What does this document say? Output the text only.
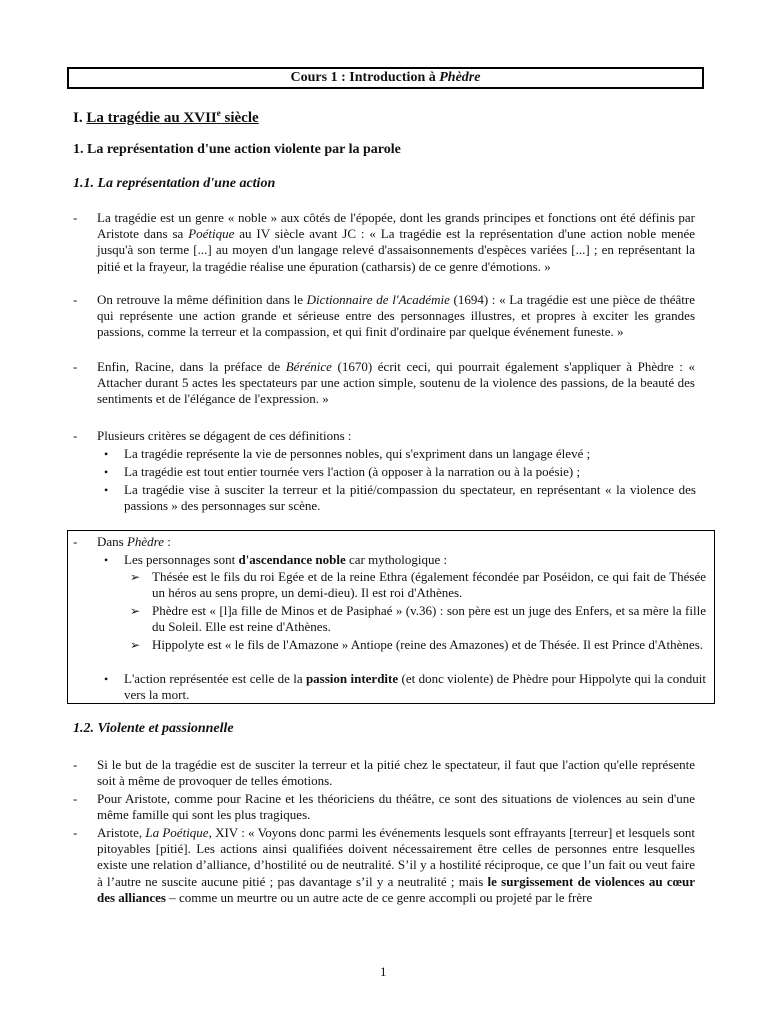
Cours 1 : Introduction à Phèdre
I. La tragédie au XVIIe siècle
1. La représentation d'une action violente par la parole
1.1. La représentation d'une action
- La tragédie est un genre « noble » aux côtés de l'épopée, dont les grands principes et fonctions ont été définis par Aristote dans sa Poétique au IV siècle avant JC : « La tragédie est la représentation d'une action noble menée jusqu'à son terme [...] au moyen d'un langage relevé d'assaisonnements d'espèces variées [...] ; en représentant la pitié et la frayeur, la tragédie réalise une épuration (catharsis) de ce genre d'émotions. »
- On retrouve la même définition dans le Dictionnaire de l'Académie (1694) : « La tragédie est une pièce de théâtre qui représente une action grande et sérieuse entre des personnages illustres, et propres à exciter les grandes passions, comme la terreur et la compassion, et qui finit d'ordinaire par quelque événement funeste. »
- Enfin, Racine, dans la préface de Bérénice (1670) écrit ceci, qui pourrait également s'appliquer à Phèdre : « Attacher durant 5 actes les spectateurs par une action simple, soutenu de la violence des passions, de la beauté des sentiments et de l'élégance de l'expression. »
- Plusieurs critères se dégagent de ces définitions :
• La tragédie représente la vie de personnes nobles, qui s'expriment dans un langage élevé ;
• La tragédie est tout entier tournée vers l'action (à opposer à la narration ou à la poésie) ;
• La tragédie vise à susciter la terreur et la pitié/compassion du spectateur, en représentant « la violence des passions » des personnages sur scène.
- Dans Phèdre :
• Les personnages sont d'ascendance noble car mythologique :
➢ Thésée est le fils du roi Egée et de la reine Ethra (également fécondée par Poséidon, ce qui fait de Thésée un héros au sens propre, un demi-dieu). Il est roi d'Athènes.
➢ Phèdre est « [l]a fille de Minos et de Pasiphaé » (v.36) : son père est un juge des Enfers, et sa mère la fille du Soleil. Elle est reine d'Athènes.
➢ Hippolyte est « le fils de l'Amazone » Antiope (reine des Amazones) et de Thésée. Il est Prince d'Athènes.
• L'action représentée est celle de la passion interdite (et donc violente) de Phèdre pour Hippolyte qui la conduit vers la mort.
1.2. Violente et passionnelle
- Si le but de la tragédie est de susciter la terreur et la pitié chez le spectateur, il faut que l'action qu'elle représente soit à même de provoquer de telles émotions.
- Pour Aristote, comme pour Racine et les théoriciens du théâtre, ce sont des situations de violences au sein d'une même famille qui sont les plus tragiques.
- Aristote, La Poétique, XIV : « Voyons donc parmi les événements lesquels sont effrayants [terreur] et lesquels sont pitoyables [pitié]. Les actions ainsi qualifiées doivent nécessairement être celles de personnes entre lesquelles existe une relation d’alliance, d’hostilité ou de neutralité. S’il y a hostilité réciproque, ce que l’un fait ou veut faire à l’autre ne suscite aucune pitié ; pas davantage s’il y a neutralité ; mais le surgissement de violences au cœur des alliances – comme un meurtre ou un autre acte de ce genre accompli ou projeté par le frère
1
